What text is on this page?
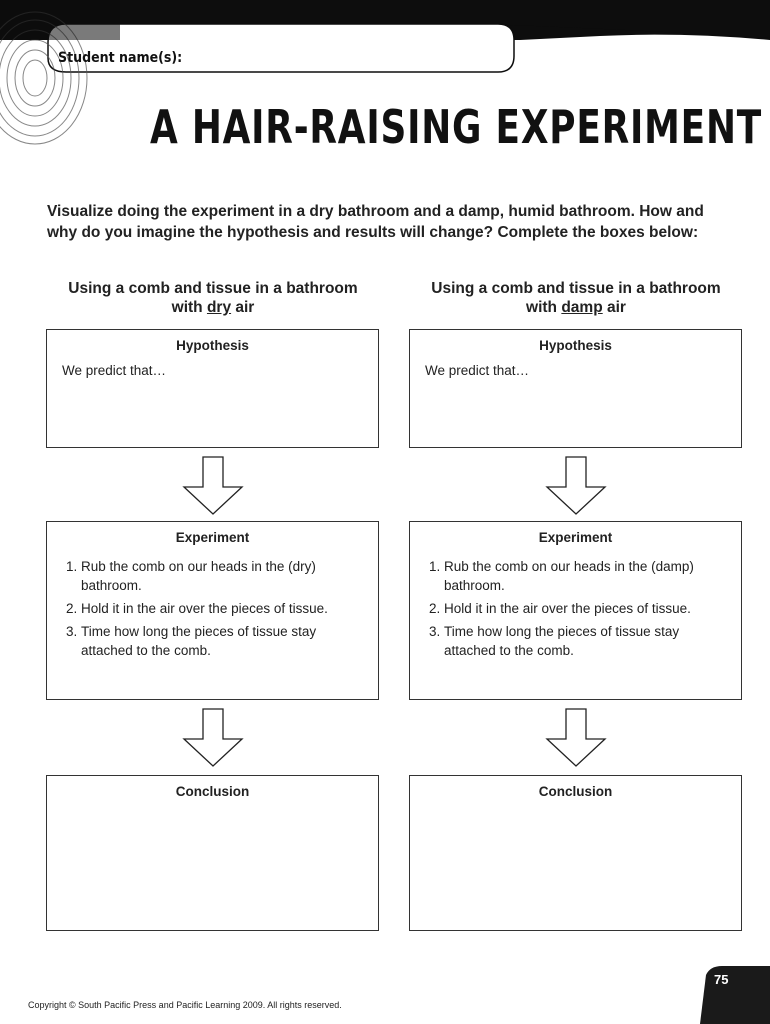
Student name(s):
A HAIR-RAISING EXPERIMENT
Visualize doing the experiment in a dry bathroom and a damp, humid bathroom. How and why do you imagine the hypothesis and results will change? Complete the boxes below:
Using a comb and tissue in a bathroom
with dry air
Using a comb and tissue in a bathroom
with damp air
Hypothesis
We predict that…
Hypothesis
We predict that…
Experiment
1. Rub the comb on our heads in the (dry) bathroom.
2. Hold it in the air over the pieces of tissue.
3. Time how long the pieces of tissue stay attached to the comb.
Experiment
1. Rub the comb on our heads in the (damp) bathroom.
2. Hold it in the air over the pieces of tissue.
3. Time how long the pieces of tissue stay attached to the comb.
Conclusion	Conclusion
Copyright © South Pacific Press and Pacific Learning 2009. All rights reserved.
75
